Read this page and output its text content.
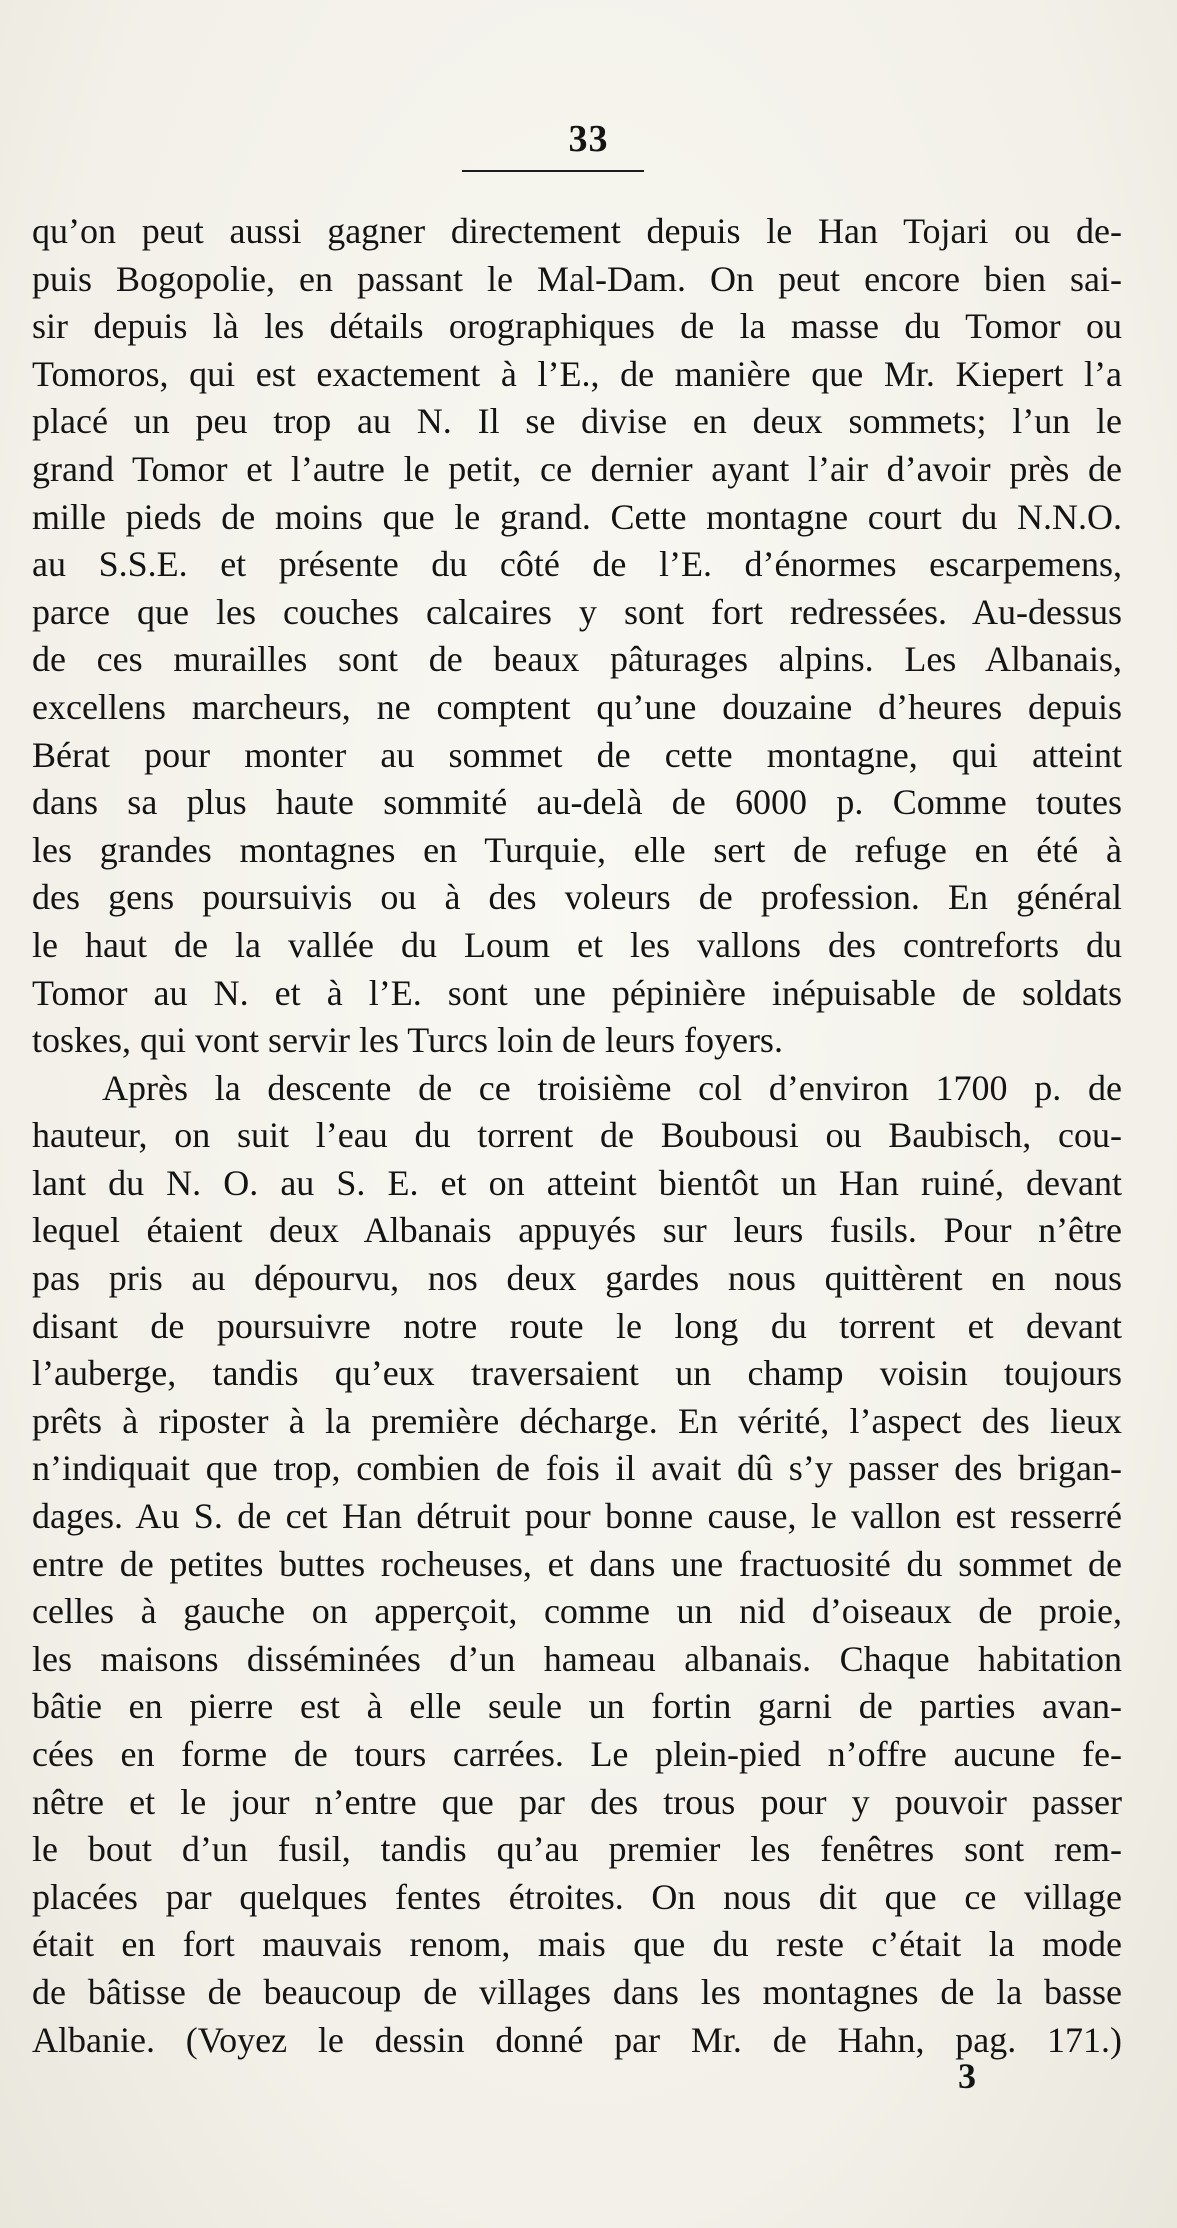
33
qu’on peut aussi gagner directement depuis le Han Tojari ou de-
puis Bogopolie, en passant le Mal-Dam. On peut encore bien sai-
sir depuis là les détails orographiques de la masse du Tomor ou
Tomoros, qui est exactement à l’E., de manière que Mr. Kiepert l’a
placé un peu trop au N. Il se divise en deux sommets; l’un le
grand Tomor et l’autre le petit, ce dernier ayant l’air d’avoir près de
mille pieds de moins que le grand. Cette montagne court du N.N.O.
au S.S.E. et présente du côté de l’E. d’énormes escarpemens,
parce que les couches calcaires y sont fort redressées. Au-dessus
de ces murailles sont de beaux pâturages alpins. Les Albanais,
excellens marcheurs, ne comptent qu’une douzaine d’heures depuis
Bérat pour monter au sommet de cette montagne, qui atteint
dans sa plus haute sommité au-delà de 6000 p. Comme toutes
les grandes montagnes en Turquie, elle sert de refuge en été à
des gens poursuivis ou à des voleurs de profession. En général
le haut de la vallée du Loum et les vallons des contreforts du
Tomor au N. et à l’E. sont une pépinière inépuisable de soldats
toskes, qui vont servir les Turcs loin de leurs foyers.
Après la descente de ce troisième col d’environ 1700 p. de
hauteur, on suit l’eau du torrent de Boubousi ou Baubisch, cou-
lant du N. O. au S. E. et on atteint bientôt un Han ruiné, devant
lequel étaient deux Albanais appuyés sur leurs fusils. Pour n’être
pas pris au dépourvu, nos deux gardes nous quittèrent en nous
disant de poursuivre notre route le long du torrent et devant
l’auberge, tandis qu’eux traversaient un champ voisin toujours
prêts à riposter à la première décharge. En vérité, l’aspect des lieux
n’indiquait que trop, combien de fois il avait dû s’y passer des brigan-
dages. Au S. de cet Han détruit pour bonne cause, le vallon est resserré
entre de petites buttes rocheuses, et dans une fractuosité du sommet de
celles à gauche on apperçoit, comme un nid d’oiseaux de proie,
les maisons disséminées d’un hameau albanais. Chaque habitation
bâtie en pierre est à elle seule un fortin garni de parties avan-
cées en forme de tours carrées. Le plein-pied n’offre aucune fe-
nêtre et le jour n’entre que par des trous pour y pouvoir passer
le bout d’un fusil, tandis qu’au premier les fenêtres sont rem-
placées par quelques fentes étroites. On nous dit que ce village
était en fort mauvais renom, mais que du reste c’était la mode
de bâtisse de beaucoup de villages dans les montagnes de la basse
Albanie. (Voyez le dessin donné par Mr. de Hahn, pag. 171.)
3
